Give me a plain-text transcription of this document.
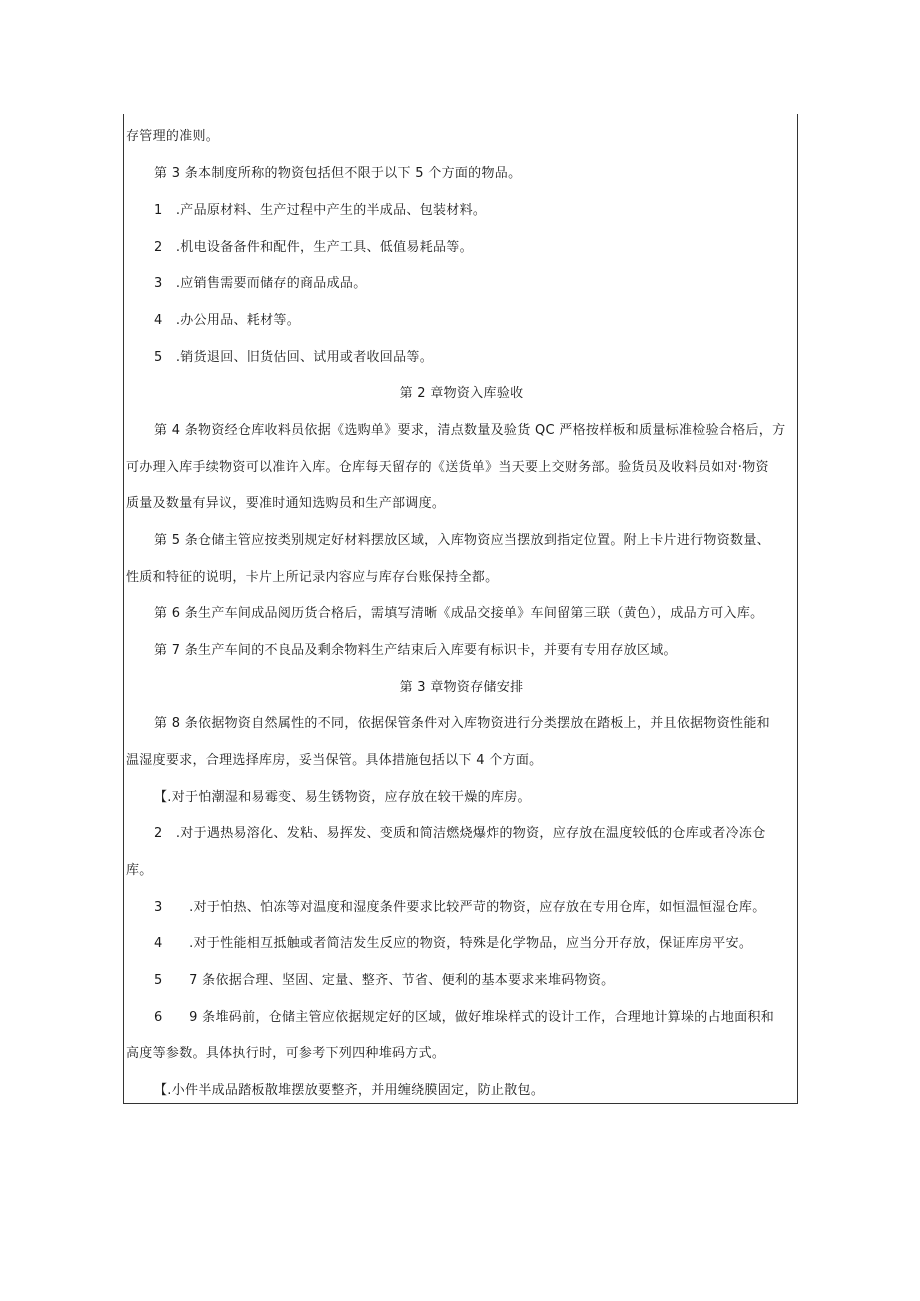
存管理的准则。
第 3 条本制度所称的物资包括但不限于以下 5 个方面的物品。
1　.产品原材料、生产过程中产生的半成品、包装材料。
2　.机电设备备件和配件，生产工具、低值易耗品等。
3　.应销售需要而储存的商品成品。
4　.办公用品、耗材等。
5　.销货退回、旧货估回、试用或者收回品等。
第 2 章物资入库验收
第 4 条物资经仓库收料员依据《选购单》要求，清点数量及验货 QC 严格按样板和质量标准检验合格后，方
可办理入库手续物资可以准许入库。仓库每天留存的《送货单》当天要上交财务部。验货员及收料员如对·物资
质量及数量有异议，要准时通知选购员和生产部调度。
第 5 条仓储主管应按类别规定好材料摆放区域，入库物资应当摆放到指定位置。附上卡片进行物资数量、
性质和特征的说明，卡片上所记录内容应与库存台账保持全都。
第 6 条生产车间成品阅历货合格后，需填写清晰《成品交接单》车间留第三联（黄色），成品方可入库。
第 7 条生产车间的不良品及剩余物料生产结束后入库要有标识卡，并要有专用存放区域。
第 3 章物资存储安排
第 8 条依据物资自然属性的不同，依据保管条件对入库物资进行分类摆放在踏板上，并且依据物资性能和
温湿度要求，合理选择库房，妥当保管。具体措施包括以下 4 个方面。
【.对于怕潮湿和易霉变、易生锈物资，应存放在较干燥的库房。
2　.对于遇热易溶化、发粘、易挥发、变质和简洁燃烧爆炸的物资，应存放在温度较低的仓库或者冷冻仓
库。
3　　.对于怕热、怕冻等对温度和湿度条件要求比较严苛的物资，应存放在专用仓库，如恒温恒湿仓库。
4　　.对于性能相互抵触或者简洁发生反应的物资，特殊是化学物品，应当分开存放，保证库房平安。
5　　7 条依据合理、坚固、定量、整齐、节省、便利的基本要求来堆码物资。
6　　9 条堆码前，仓储主管应依据规定好的区域，做好堆垛样式的设计工作，合理地计算垛的占地面积和
高度等参数。具体执行时，可参考下列四种堆码方式。
【.小件半成品踏板散堆摆放要整齐，并用缠绕膜固定，防止散包。
